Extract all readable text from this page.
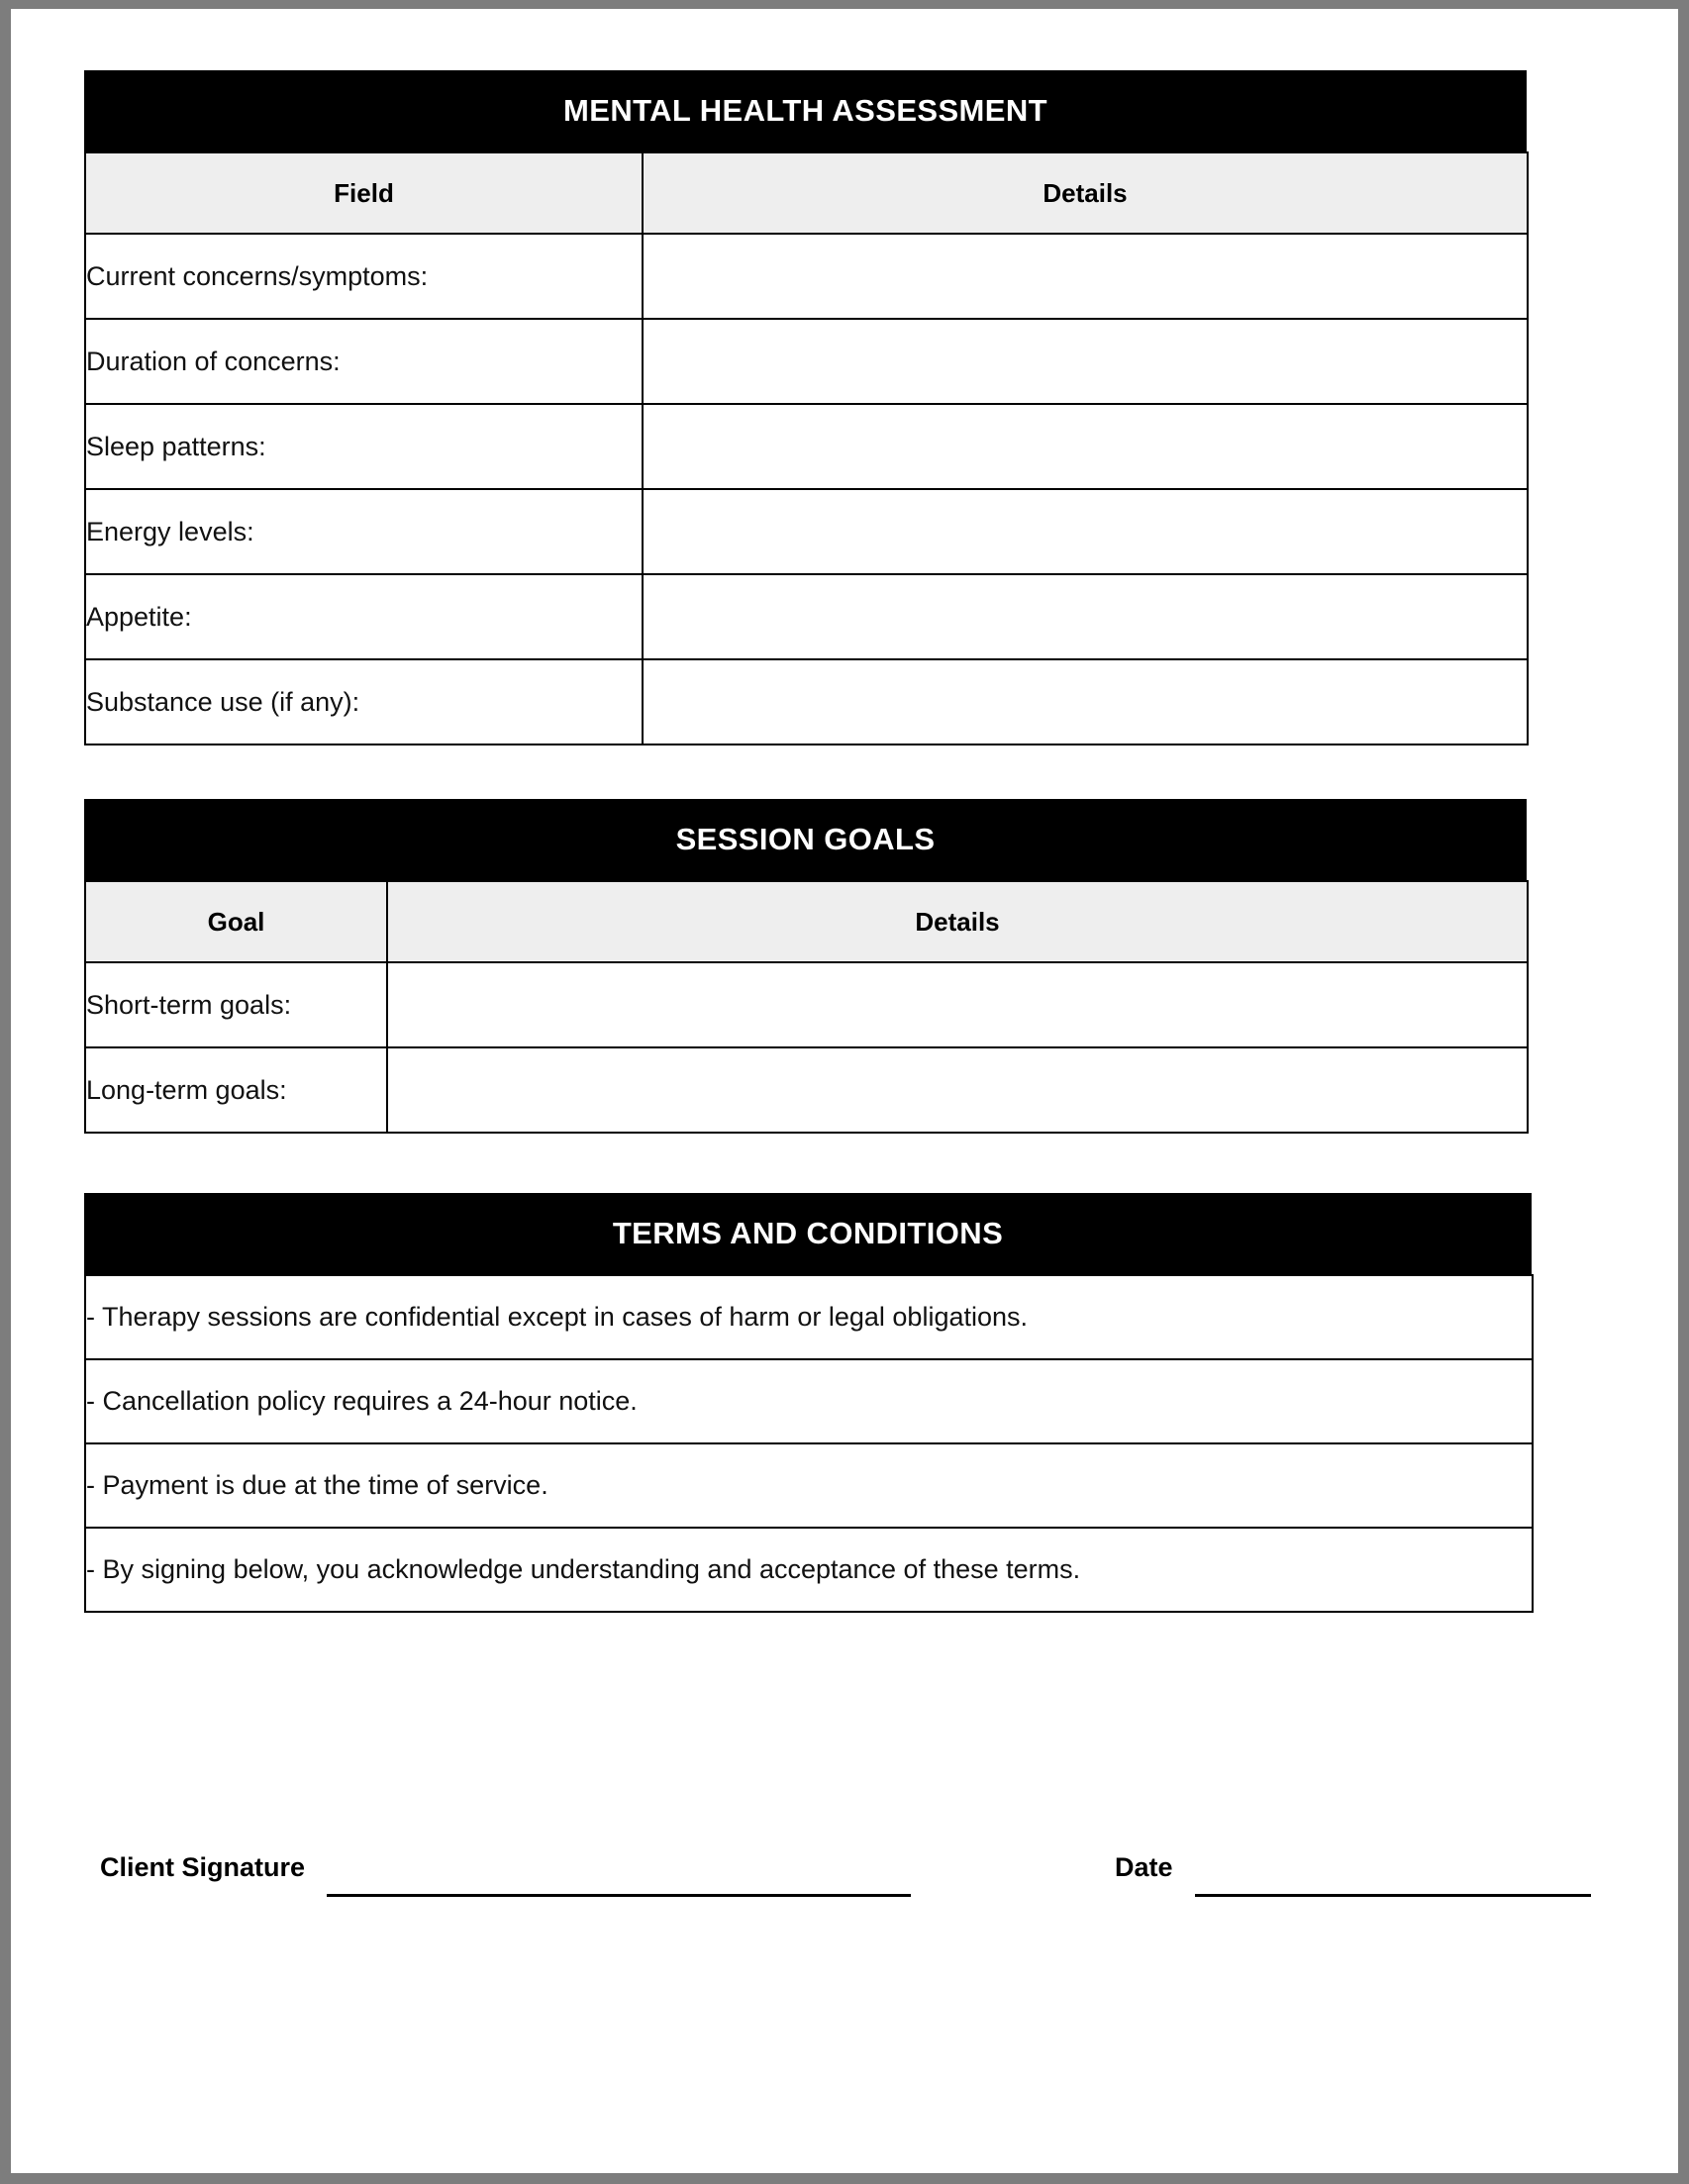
MENTAL HEALTH ASSESSMENT
Field	Details
Current concerns/symptoms:	
Duration of concerns:	
Sleep patterns:	
Energy levels:	
Appetite:	
Substance use (if any):	
SESSION GOALS
Goal	Details
Short-term goals:	
Long-term goals:	
TERMS AND CONDITIONS
- Therapy sessions are confidential except in cases of harm or legal obligations.
- Cancellation policy requires a 24-hour notice.
- Payment is due at the time of service.
- By signing below, you acknowledge understanding and acceptance of these terms.
Client Signature	Date
